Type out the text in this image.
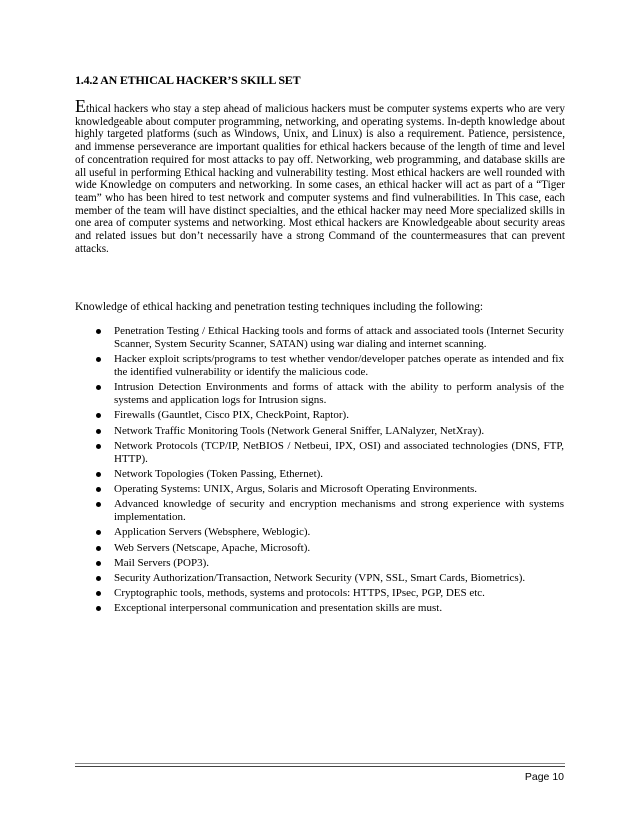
1.4.2 AN ETHICAL HACKER’S SKILL SET

Ethical hackers who stay a step ahead of malicious hackers must be computer systems experts who are very knowledgeable about computer programming, networking, and operating systems. In-depth knowledge about highly targeted platforms (such as Windows, Unix, and Linux) is also a requirement. Patience, persistence, and immense perseverance are important qualities for ethical hackers because of the length of time and level of concentration required for most attacks to pay off. Networking, web programming, and database skills are all useful in performing Ethical hacking and vulnerability testing. Most ethical hackers are well rounded with wide Knowledge on computers and networking. In some cases, an ethical hacker will act as part of a “Tiger team” who has been hired to test network and computer systems and find vulnerabilities. In This case, each member of the team will have distinct specialties, and the ethical hacker may need More specialized skills in one area of computer systems and networking. Most ethical hackers are Knowledgeable about security areas and related issues but don’t necessarily have a strong Command of the countermeasures that can prevent attacks.

Knowledge of ethical hacking and penetration testing techniques including the following:

Penetration Testing / Ethical Hacking tools and forms of attack and associated tools (Internet Security Scanner, System Security Scanner, SATAN) using war dialing and internet scanning.
Hacker exploit scripts/programs to test whether vendor/developer patches operate as intended and fix the identified vulnerability or identify the malicious code.
Intrusion Detection Environments and forms of attack with the ability to perform analysis of the systems and application logs for Intrusion signs.
Firewalls (Gauntlet, Cisco PIX, CheckPoint, Raptor).
Network Traffic Monitoring Tools (Network General Sniffer, LANalyzer, NetXray).
Network Protocols (TCP/IP, NetBIOS / Netbeui, IPX, OSI) and associated technologies (DNS, FTP, HTTP).
Network Topologies (Token Passing, Ethernet).
Operating Systems: UNIX, Argus, Solaris and Microsoft Operating Environments.
Advanced knowledge of security and encryption mechanisms and strong experience with systems implementation.
Application Servers (Websphere, Weblogic).
Web Servers (Netscape, Apache, Microsoft).
Mail Servers (POP3).
Security Authorization/Transaction, Network Security (VPN, SSL, Smart Cards, Biometrics).
Cryptographic tools, methods, systems and protocols: HTTPS, IPsec, PGP, DES etc.
Exceptional interpersonal communication and presentation skills are must.
Page 10
